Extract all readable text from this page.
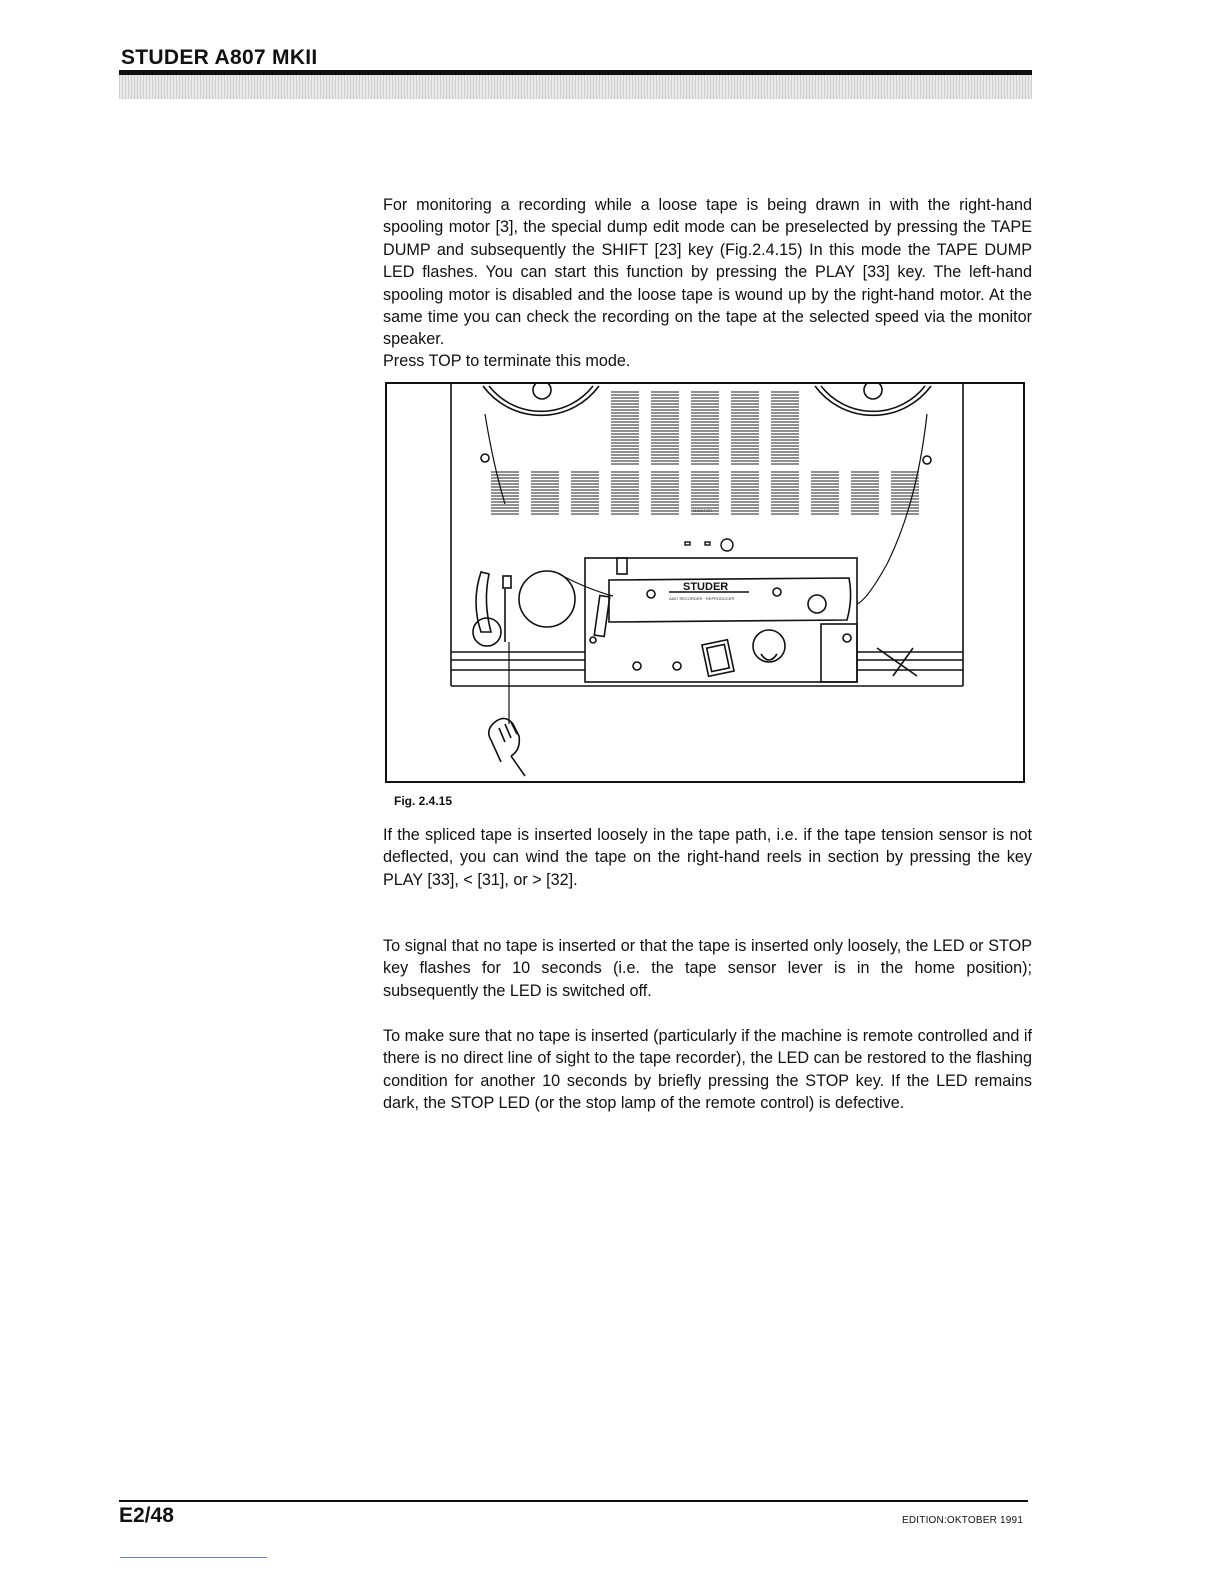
STUDER A807 MKII

For monitoring a recording while a loose tape is being drawn in with the right-hand spooling motor [3], the special dump edit mode can be preselected by pressing the TAPE DUMP and subsequently the SHIFT [23] key (Fig.2.4.15) In this mode the TAPE DUMP LED flashes. You can start this function by pressing the PLAY [33] key. The left-hand spooling motor is disabled and the loose tape is wound up by the right-hand motor. At the same time you can check the recording on the tape at the selected speed via the monitor speaker.

Press TOP to terminate this mode.

MONITOR
STUDER
A807 RECORDER · REPRODUCER
Fig. 2.4.15

If the spliced tape is inserted loosely in the tape path, i.e. if the tape tension sensor is not deflected, you can wind the tape on the right-hand reels in section by pressing the key PLAY [33], < [31], or > [32].

To signal that no tape is inserted or that the tape is inserted only loosely, the LED or STOP key flashes for 10 seconds (i.e. the tape sensor lever is in the home position); subsequently the LED is switched off.

To make sure that no tape is inserted (particularly if the machine is remote controlled and if there is no direct line of sight to the tape recorder), the LED can be restored to the flashing condition for another 10 seconds by briefly pressing the STOP key. If the LED remains dark, the STOP LED (or the stop lamp of the remote control) is defective.

E2/48	EDITION:OKTOBER 1991
